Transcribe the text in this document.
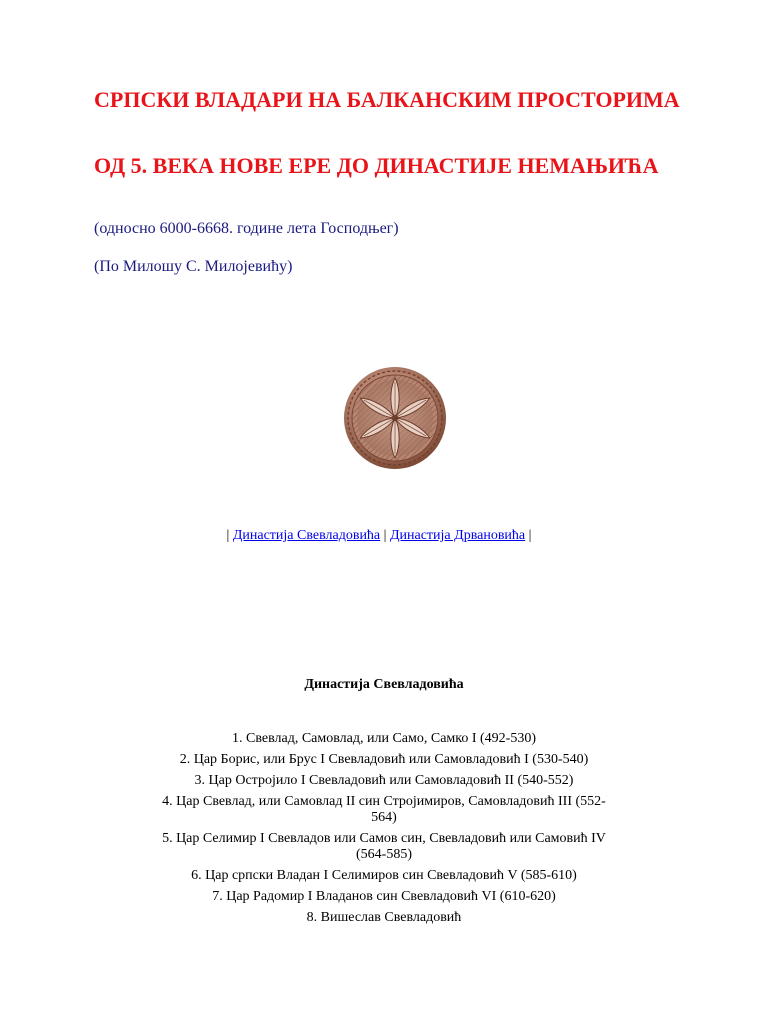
СРПСКИ ВЛАДАРИ НА БАЛКАНСКИМ ПРОСТОРИМА
ОД 5. ВЕКА НОВЕ ЕРЕ ДО ДИНАСТИЈЕ НЕМАЊИЋА

(односно 6000-6668. године лета Господњег)

(По Милошу С. Милојевићу)

| Династија Свевладовића | Династија Дрвановића |
Династија Свевладовића
1. Свевлад, Самовлад, или Само, Самко I (492-530)
2. Цар Борис, или Брус I Свевладовић или Самовладовић I (530-540)
3. Цар Остројило I Свевладовић или Самовладовић II (540-552)
4. Цар Свевлад, или Самовлад II син Стројимиров, Самовладовић III (552-564)
5. Цар Селимир I Свевладов или Самов син, Свевладовић или Самовић IV (564-585)
6. Цар српски Владан I Селимиров син Свевладовић V (585-610)
7. Цар Радомир I Владанов син Свевладовић VI (610-620)
8. Вишеслав Свевладовић
